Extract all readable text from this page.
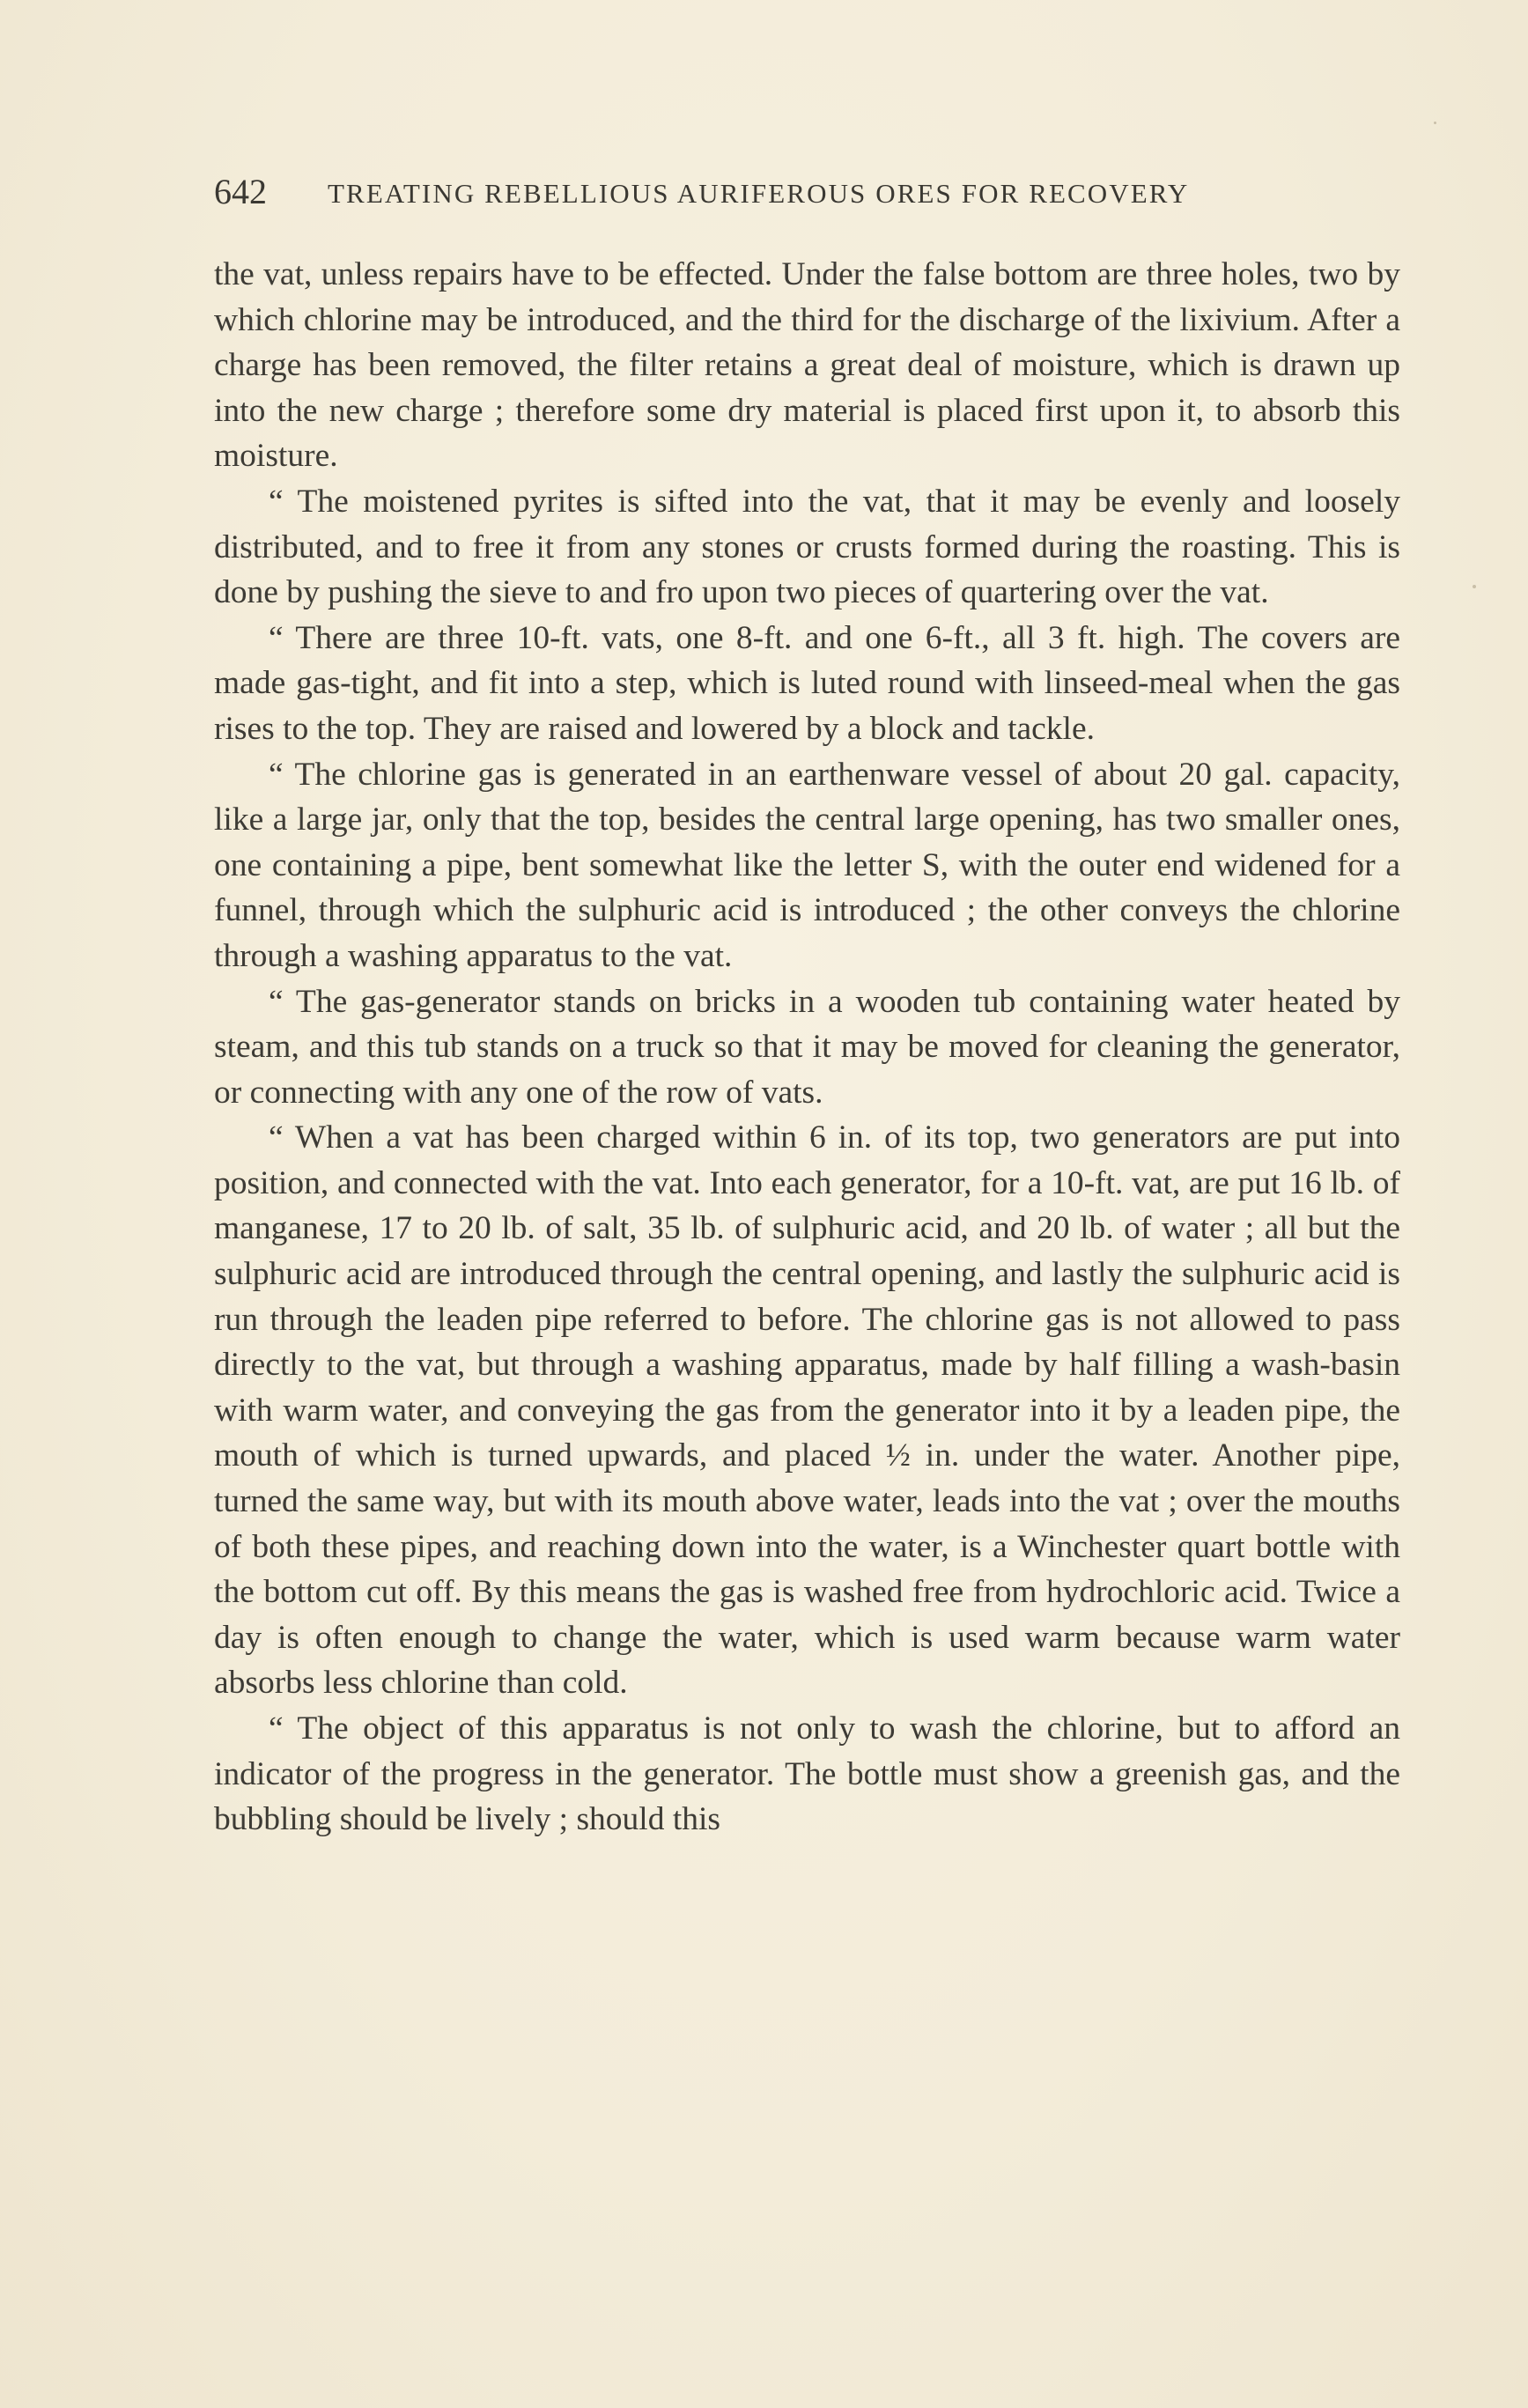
642 TREATING REBELLIOUS AURIFEROUS ORES FOR RECOVERY

the vat, unless repairs have to be effected. Under the false bottom are three holes, two by which chlorine may be introduced, and the third for the discharge of the lixivium. After a charge has been removed, the filter retains a great deal of moisture, which is drawn up into the new charge ; therefore some dry material is placed first upon it, to absorb this moisture.

“ The moistened pyrites is sifted into the vat, that it may be evenly and loosely distributed, and to free it from any stones or crusts formed during the roasting. This is done by pushing the sieve to and fro upon two pieces of quartering over the vat.

“ There are three 10-ft. vats, one 8-ft. and one 6-ft., all 3 ft. high. The covers are made gas-tight, and fit into a step, which is luted round with linseed-meal when the gas rises to the top. They are raised and lowered by a block and tackle.

“ The chlorine gas is generated in an earthenware vessel of about 20 gal. capacity, like a large jar, only that the top, besides the central large opening, has two smaller ones, one containing a pipe, bent somewhat like the letter S, with the outer end widened for a funnel, through which the sulphuric acid is introduced ; the other conveys the chlorine through a washing apparatus to the vat.

“ The gas-generator stands on bricks in a wooden tub containing water heated by steam, and this tub stands on a truck so that it may be moved for cleaning the generator, or connecting with any one of the row of vats.

“ When a vat has been charged within 6 in. of its top, two generators are put into position, and connected with the vat. Into each generator, for a 10-ft. vat, are put 16 lb. of manganese, 17 to 20 lb. of salt, 35 lb. of sulphuric acid, and 20 lb. of water ; all but the sulphuric acid are introduced through the central opening, and lastly the sulphuric acid is run through the leaden pipe referred to before. The chlorine gas is not allowed to pass directly to the vat, but through a washing apparatus, made by half filling a wash-basin with warm water, and conveying the gas from the generator into it by a leaden pipe, the mouth of which is turned upwards, and placed ½ in. under the water. Another pipe, turned the same way, but with its mouth above water, leads into the vat ; over the mouths of both these pipes, and reaching down into the water, is a Winchester quart bottle with the bottom cut off. By this means the gas is washed free from hydrochloric acid. Twice a day is often enough to change the water, which is used warm because warm water absorbs less chlorine than cold.

“ The object of this apparatus is not only to wash the chlorine, but to afford an indicator of the progress in the generator. The bottle must show a greenish gas, and the bubbling should be lively ; should this
